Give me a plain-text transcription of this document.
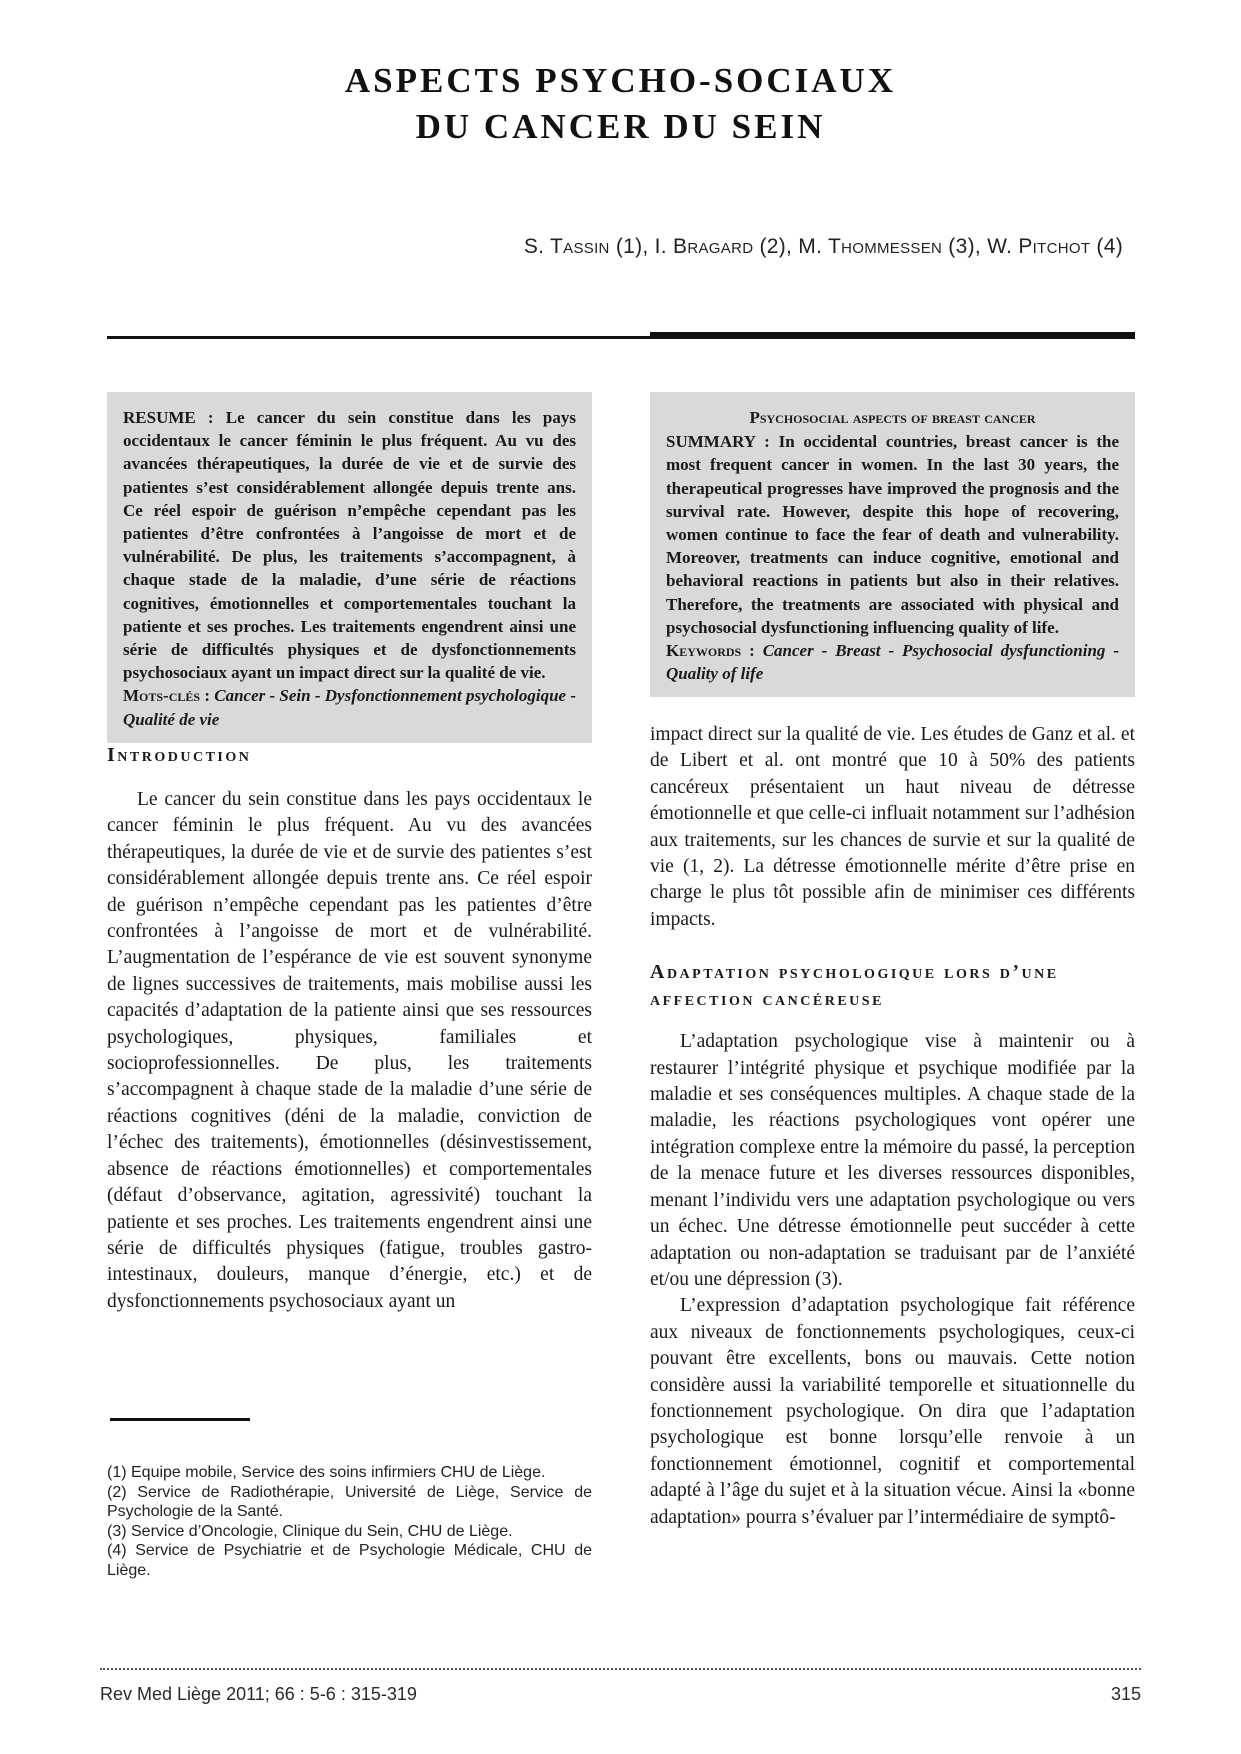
ASPECTS PSYCHO-SOCIAUX
DU CANCER DU SEIN
S. Tassin (1), I. Bragard (2), M. Thommessen (3), W. Pitchot (4)

RESUME : Le cancer du sein constitue dans les pays occidentaux le cancer féminin le plus fréquent. Au vu des avancées thérapeutiques, la durée de vie et de survie des patientes s’est considérablement allongée depuis trente ans. Ce réel espoir de guérison n’empêche cependant pas les patientes d’être confrontées à l’angoisse de mort et de vulnérabilité. De plus, les traitements s’accompagnent, à chaque stade de la maladie, d’une série de réactions cognitives, émotionnelles et comportementales touchant la patiente et ses proches. Les traitements engendrent ainsi une série de difficultés physiques et de dysfonctionnements psychosociaux ayant un impact direct sur la qualité de vie.

Mots-clés : Cancer - Sein - Dysfonctionnement psychologique - Qualité de vie

Psychosocial aspects of breast cancer

SUMMARY : In occidental countries, breast cancer is the most frequent cancer in women. In the last 30 years, the therapeutical progresses have improved the prognosis and the survival rate. However, despite this hope of recovering, women continue to face the fear of death and vulnerability. Moreover, treatments can induce cognitive, emotional and behavioral reactions in patients but also in their relatives. Therefore, the treatments are associated with physical and psychosocial dysfunctioning influencing quality of life.

Keywords : Cancer - Breast - Psychosocial dysfunctioning - Quality of life

Introduction

Le cancer du sein constitue dans les pays occidentaux le cancer féminin le plus fréquent. Au vu des avancées thérapeutiques, la durée de vie et de survie des patientes s’est considérablement allongée depuis trente ans. Ce réel espoir de guérison n’empêche cependant pas les patientes d’être confrontées à l’angoisse de mort et de vulnérabilité. L’augmentation de l’espérance de vie est souvent synonyme de lignes successives de traitements, mais mobilise aussi les capacités d’adaptation de la patiente ainsi que ses ressources psychologiques, physiques, familiales et socioprofessionnelles. De plus, les traitements s’accompagnent à chaque stade de la maladie d’une série de réactions cognitives (déni de la maladie, conviction de l’échec des traitements), émotionnelles (désinvestissement, absence de réactions émotionnelles) et comportementales (défaut d’observance, agitation, agressivité) touchant la patiente et ses proches. Les traitements engendrent ainsi une série de difficultés physiques (fatigue, troubles gastro-intestinaux, douleurs, manque d’énergie, etc.) et de dysfonctionnements psychosociaux ayant un

(1) Equipe mobile, Service des soins infirmiers CHU de Liège.
(2) Service de Radiothérapie, Université de Liège, Service de Psychologie de la Santé.
(3) Service d’Oncologie, Clinique du Sein, CHU de Liège.
(4) Service de Psychiatrie et de Psychologie Médicale, CHU de Liège.

impact direct sur la qualité de vie. Les études de Ganz et al. et de Libert et al. ont montré que 10 à 50% des patients cancéreux présentaient un haut niveau de détresse émotionnelle et que celle-ci influait notamment sur l’adhésion aux traitements, sur les chances de survie et sur la qualité de vie (1, 2). La détresse émotionnelle mérite d’être prise en charge le plus tôt possible afin de minimiser ces différents impacts.

Adaptation psychologique lors d’une affection cancéreuse

L’adaptation psychologique vise à maintenir ou à restaurer l’intégrité physique et psychique modifiée par la maladie et ses conséquences multiples. A chaque stade de la maladie, les réactions psychologiques vont opérer une intégration complexe entre la mémoire du passé, la perception de la menace future et les diverses ressources disponibles, menant l’individu vers une adaptation psychologique ou vers un échec. Une détresse émotionnelle peut succéder à cette adaptation ou non-adaptation se traduisant par de l’anxiété et/ou une dépression (3).

L’expression d’adaptation psychologique fait référence aux niveaux de fonctionnements psychologiques, ceux-ci pouvant être excellents, bons ou mauvais. Cette notion considère aussi la variabilité temporelle et situationnelle du fonctionnement psychologique. On dira que l’adaptation psychologique est bonne lorsqu’elle renvoie à un fonctionnement émotionnel, cognitif et comportemental adapté à l’âge du sujet et à la situation vécue. Ainsi la «bonne adaptation» pourra s’évaluer par l’intermédiaire de symptô-

Rev Med Liège 2011; 66 : 5-6 : 315-319	315
